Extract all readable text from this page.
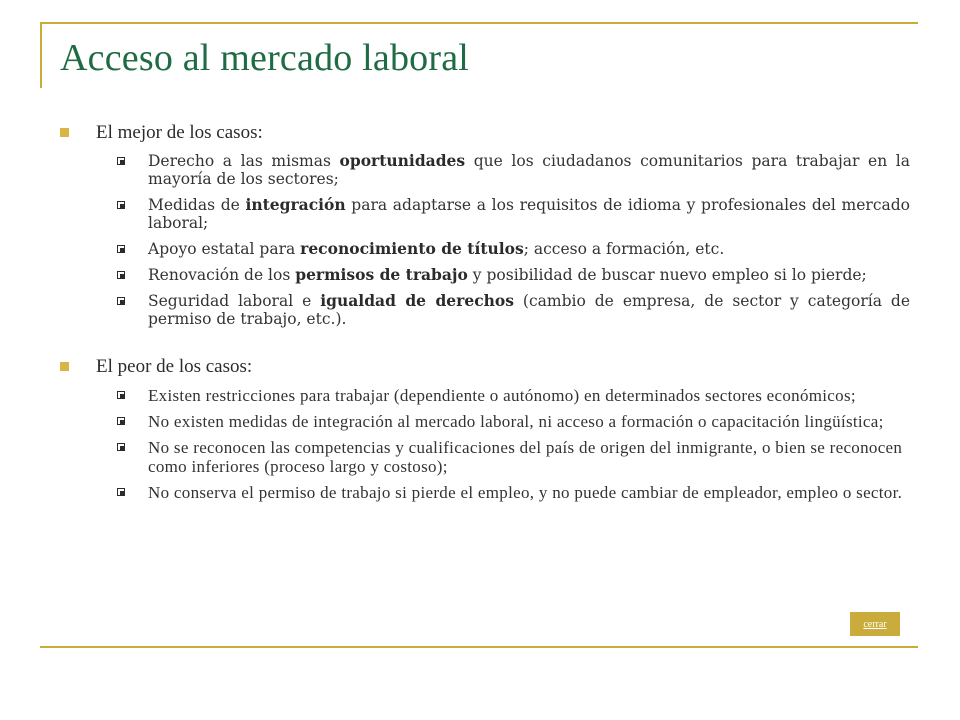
Acceso al mercado laboral
El mejor de los casos:
Derecho a las mismas oportunidades que los ciudadanos comunitarios para trabajar en la mayoría de los sectores;
Medidas de integración para adaptarse a los requisitos de idioma y profesionales del mercado laboral;
Apoyo estatal para reconocimiento de títulos; acceso a formación, etc.
Renovación de los permisos de trabajo y posibilidad de buscar nuevo empleo si lo pierde;
Seguridad laboral e igualdad de derechos (cambio de empresa, de sector y categoría de permiso de trabajo, etc.).
El peor de los casos:
Existen restricciones para trabajar (dependiente o autónomo) en determinados sectores económicos;
No existen medidas de integración al mercado laboral, ni acceso a formación o capacitación lingüística;
No se reconocen las competencias y cualificaciones del país de origen del inmigrante, o bien se reconocen como inferiores (proceso largo y costoso);
No conserva el permiso de trabajo si pierde el empleo, y no puede cambiar de empleador, empleo o sector.
cerrar
